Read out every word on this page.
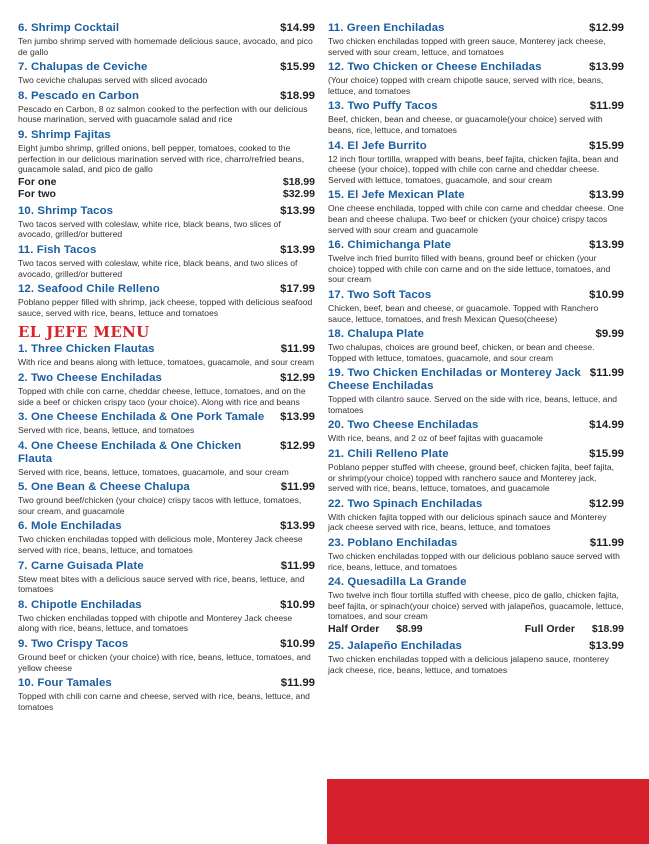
6. Shrimp Cocktail	$14.99
Ten jumbo shrimp served with homemade delicious sauce, avocado, and pico de gallo
7. Chalupas de Ceviche	$15.99
Two ceviche chalupas served with sliced avocado
8. Pescado en Carbon	$18.99
Pescado en Carbon, 8 oz salmon cooked to the perfection with our delicious house marination, served with guacamole salad and rice
9. Shrimp Fajitas
Eight jumbo shrimp, grilled onions, bell pepper, tomatoes, cooked to the perfection in our delicious marination served with rice, charro/refried beans, guacamole salad, and pico de gallo
For one	$18.99
For two	$32.99
10. Shrimp Tacos	$13.99
Two tacos served with coleslaw, white rice, black beans, two slices of avocado, grilled/or buttered
11. Fish Tacos	$13.99
Two tacos served with coleslaw, white rice, black beans, and two slices of avocado, grilled/or buttered
12. Seafood Chile Relleno	$17.99
Poblano pepper filled with shrimp, jack cheese, topped with delicious seafood sauce, served with rice, beans, lettuce and tomatoes
EL JEFE MENU
1. Three Chicken Flautas	$11.99
With rice and beans along with lettuce, tomatoes, guacamole, and sour cream
2. Two Cheese Enchiladas	$12.99
Topped with chile con carne, cheddar cheese, lettuce, tomatoes, and on the side a beef or chicken crispy taco (your choice). Along with rice and beans
3. One Cheese Enchilada & One Pork Tamale	$13.99
Served with rice, beans, lettuce, and tomatoes
4. One Cheese Enchilada & One Chicken Flauta
$12.99
Served with rice, beans, lettuce, tomatoes, guacamole, and sour cream
5. One Bean & Cheese Chalupa	$11.99
Two ground beef/chicken (your choice) crispy tacos with lettuce, tomatoes, sour cream, and guacamole
6. Mole Enchiladas	$13.99
Two chicken enchiladas topped with delicious mole, Monterey Jack cheese served with rice, beans, lettuce, and tomatoes
7. Carne Guisada Plate	$11.99
Stew meat bites with a delicious sauce served with rice, beans, lettuce, and tomatoes
8. Chipotle Enchiladas	$10.99
Two chicken enchiladas topped with chipotle and Monterey Jack cheese along with rice, beans, lettuce, and tomatoes
9. Two Crispy Tacos	$10.99
Ground beef or chicken (your choice) with rice, beans, lettuce, tomatoes, and yellow cheese
10. Four Tamales	$11.99
Topped with chili con carne and cheese, served with rice, beans, lettuce, and tomatoes
11. Green Enchiladas	$12.99
Two chicken enchiladas topped with green sauce, Monterey jack cheese, served with sour cream, lettuce, and tomatoes
12. Two Chicken or Cheese Enchiladas	$13.99
(Your choice) topped with cream chipotle sauce, served with rice, beans, lettuce, and tomatoes
13. Two Puffy Tacos	$11.99
Beef, chicken, bean and cheese, or guacamole(your choice) served with beans, rice, lettuce, and tomatoes
14. El Jefe Burrito	$15.99
12 inch flour tortilla, wrapped with beans, beef fajita, chicken fajita, bean and cheese (your choice), topped with chile con carne and cheddar cheese. Served with lettuce, tomatoes, guacamole, and sour cream
15. El Jefe Mexican Plate	$13.99
One cheese enchilada, topped with chile con carne and cheddar cheese. One bean and cheese chalupa. Two beef or chicken (your choice) crispy tacos served with sour cream and guacamole
16. Chimichanga Plate	$13.99
Twelve inch fried burrito filled with beans, ground beef or chicken (your choice) topped with chile con carne and on the side lettuce, tomatoes, and sour cream
17. Two Soft Tacos	$10.99
Chicken, beef, bean and cheese, or guacamole. Topped with Ranchero sauce, lettuce, tomatoes, and fresh Mexican Queso(cheese)
18. Chalupa Plate	$9.99
Two chalupas, choices are ground beef, chicken, or bean and cheese. Topped with lettuce, tomatoes, guacamole, and sour cream
19. Two Chicken Enchiladas or Monterey Jack Cheese Enchiladas
$11.99
Topped with cilantro sauce. Served on the side with rice, beans, lettuce, and tomatoes
20. Two Cheese Enchiladas	$14.99
With rice, beans, and 2 oz of beef fajitas with guacamole
21. Chili Relleno Plate	$15.99
Poblano pepper stuffed with cheese, ground beef, chicken fajita, beef fajita, or shrimp(your choice) topped with ranchero sauce and Monterey jack, served with rice, beans, lettuce, tomatoes, and guacamole
22. Two Spinach Enchiladas	$12.99
With chicken fajita topped with our delicious spinach sauce and Monterey jack cheese served with rice, beans, lettuce, and tomatoes
23. Poblano Enchiladas	$11.99
Two chicken enchiladas topped with our delicious poblano sauce served with rice, beans, lettuce, and tomatoes
24. Quesadilla La Grande
Two twelve inch flour tortilla stuffed with cheese, pico de gallo, chicken fajita, beef fajita, or spinach(your choice) served with jalapeños, guacamole, lettuce, tomatoes, and sour cream
Half Order $8.99	Full Order $18.99
25. Jalapeño Enchiladas	$13.99
Two chicken enchiladas topped with a delicious jalapeno sauce, monterey jack cheese, rice, beans, lettuce, and tomatoes
